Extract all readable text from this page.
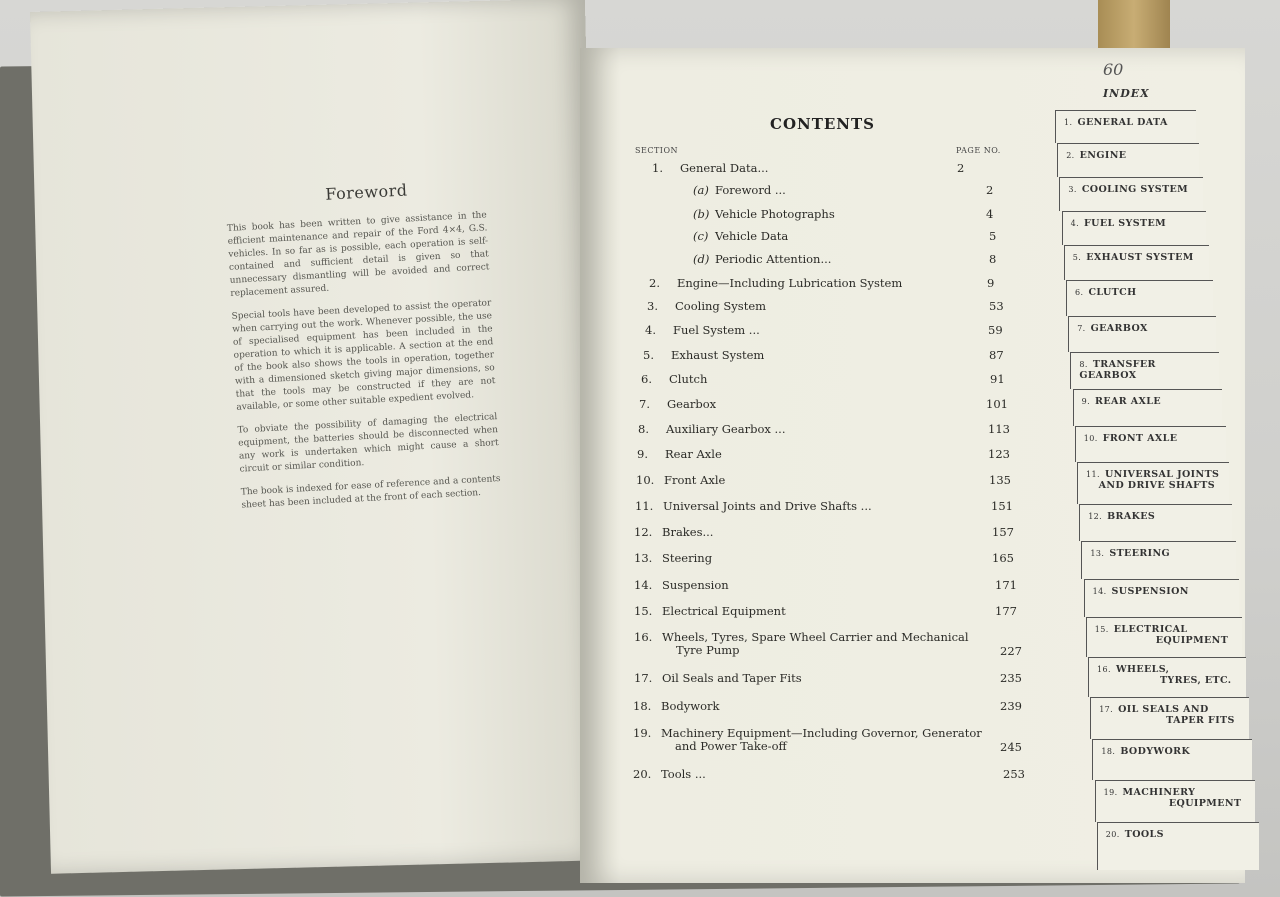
Foreword

This book has been written to give assistance in the efficient maintenance and repair of the Ford 4×4, G.S. vehicles. In so far as is possible, each operation is self-contained and sufficient detail is given so that unnecessary dismantling will be avoided and correct replacement assured.

Special tools have been developed to assist the operator when carrying out the work. Whenever possible, the use of specialised equipment has been included in the operation to which it is applicable. A section at the end of the book also shows the tools in operation, together with a dimensioned sketch giving major dimensions, so that the tools may be constructed if they are not available, or some other suitable expedient evolved.

To obviate the possibility of damaging the electrical equipment, the batteries should be disconnected when any work is undertaken which might cause a short circuit or similar condition.

The book is indexed for ease of reference and a contents sheet has been included at the front of each section.

60
CONTENTS
SECTION	PAGE NO.
1. General Data...	2
(a) Foreword ...	2
(b) Vehicle Photographs	4
(c) Vehicle Data	5
(d) Periodic Attention...	8
2. Engine—Including Lubrication System	9
3. Cooling System	53
4. Fuel System ...	59
5. Exhaust System	87
6. Clutch	91
7. Gearbox	101
8. Auxiliary Gearbox ...	113
9. Rear Axle	123
10. Front Axle	135
11. Universal Joints and Drive Shafts ...	151
12. Brakes...	157
13. Steering	165
14. Suspension	171
15. Electrical Equipment	177
16. Wheels, Tyres, Spare Wheel Carrier and Mechanical
Tyre Pump	227
17. Oil Seals and Taper Fits	235
18. Bodywork	239
19. Machinery Equipment—Including Governor, Generator
and Power Take-off	245
20. Tools ...	253
INDEX
1. GENERAL DATA
2. ENGINE
3. COOLING SYSTEM
4. FUEL SYSTEM
5. EXHAUST SYSTEM
6. CLUTCH
7. GEARBOX
8. TRANSFER GEARBOX
9. REAR AXLE
10. FRONT AXLE
11. UNIVERSAL JOINTS
AND DRIVE SHAFTS
12. BRAKES
13. STEERING
14. SUSPENSION
15. ELECTRICAL
EQUIPMENT
16. WHEELS,
TYRES, ETC.
17. OIL SEALS AND
TAPER FITS
18. BODYWORK
19. MACHINERY
EQUIPMENT
20. TOOLS
